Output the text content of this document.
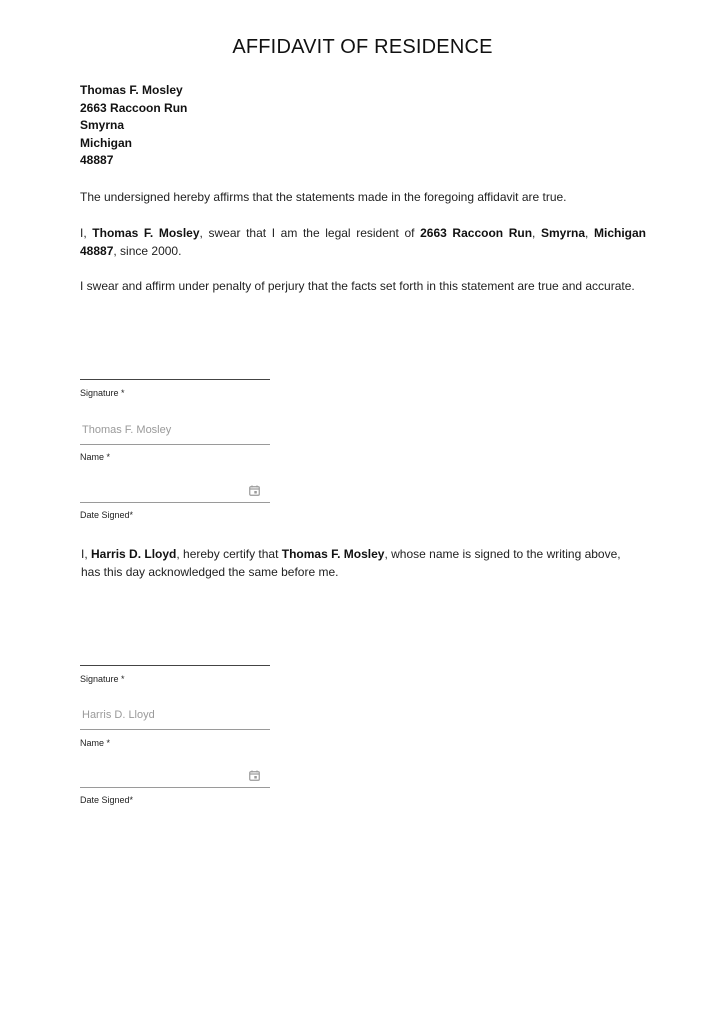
AFFIDAVIT OF RESIDENCE
Thomas F. Mosley
2663 Raccoon Run
Smyrna
Michigan
48887

The undersigned hereby affirms that the statements made in the foregoing affidavit are true.

I, Thomas F. Mosley, swear that I am the legal resident of 2663 Raccoon Run, Smyrna, Michigan 48887, since 2000.

I swear and affirm under penalty of perjury that the facts set forth in this statement are true and accurate.

Signature *
Thomas F. Mosley
Name *
Date Signed*

I, Harris D. Lloyd, hereby certify that Thomas F. Mosley, whose name is signed to the writing above, has this day acknowledged the same before me.

Signature *
Harris D. Lloyd
Name *
Date Signed*
